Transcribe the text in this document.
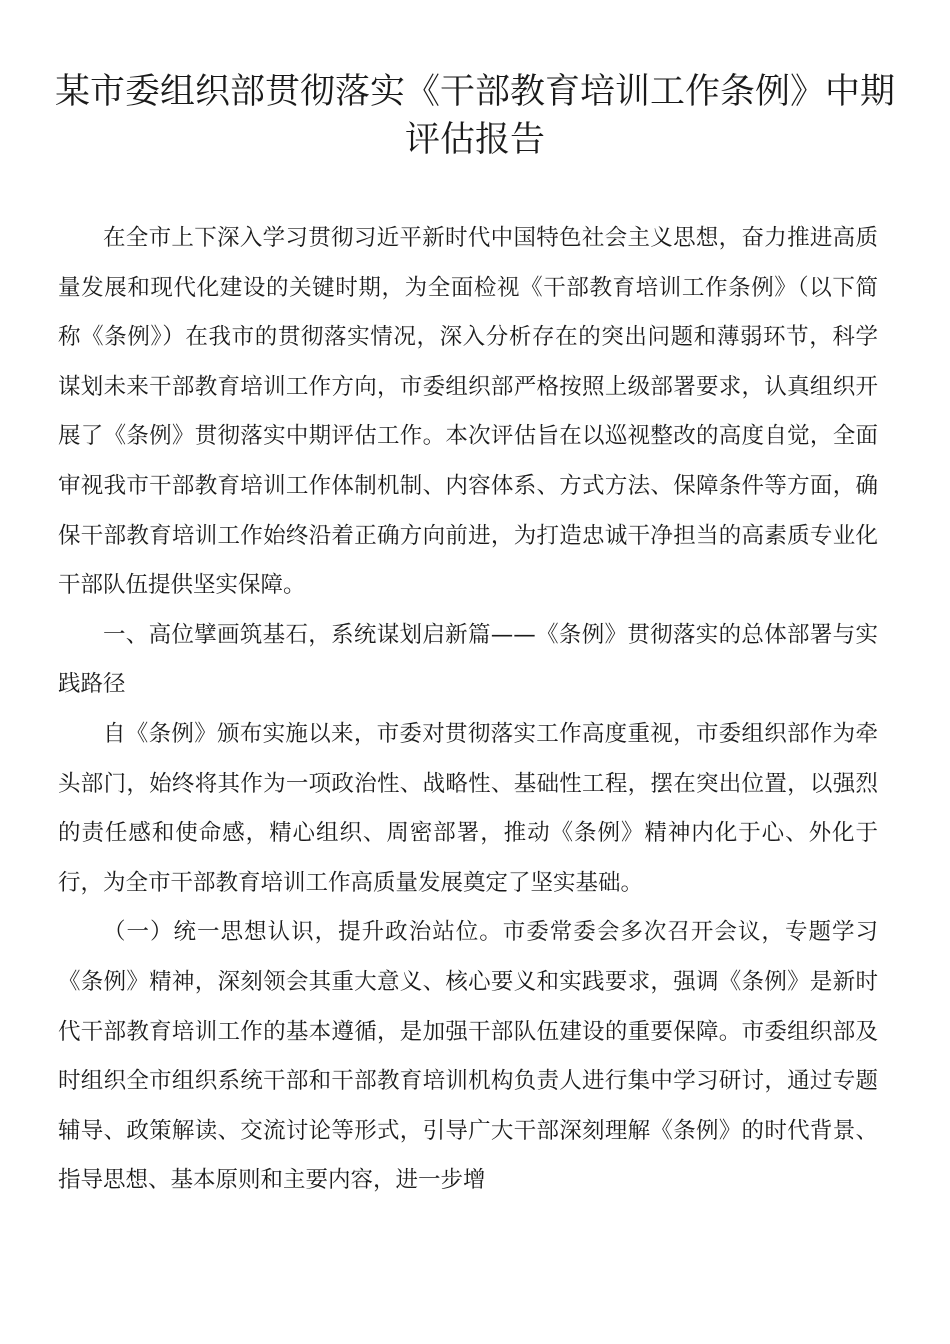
某市委组织部贯彻落实《干部教育培训工作条例》中期评估报告

在全市上下深入学习贯彻习近平新时代中国特色社会主义思想，奋力推进高质量发展和现代化建设的关键时期，为全面检视《干部教育培训工作条例》（以下简称《条例》）在我市的贯彻落实情况，深入分析存在的突出问题和薄弱环节，科学谋划未来干部教育培训工作方向，市委组织部严格按照上级部署要求，认真组织开展了《条例》贯彻落实中期评估工作。本次评估旨在以巡视整改的高度自觉，全面审视我市干部教育培训工作体制机制、内容体系、方式方法、保障条件等方面，确保干部教育培训工作始终沿着正确方向前进，为打造忠诚干净担当的高素质专业化干部队伍提供坚实保障。

一、高位擘画筑基石，系统谋划启新篇——《条例》贯彻落实的总体部署与实践路径

自《条例》颁布实施以来，市委对贯彻落实工作高度重视，市委组织部作为牵头部门，始终将其作为一项政治性、战略性、基础性工程，摆在突出位置，以强烈的责任感和使命感，精心组织、周密部署，推动《条例》精神内化于心、外化于行，为全市干部教育培训工作高质量发展奠定了坚实基础。

（一）统一思想认识，提升政治站位。市委常委会多次召开会议，专题学习《条例》精神，深刻领会其重大意义、核心要义和实践要求，强调《条例》是新时代干部教育培训工作的基本遵循，是加强干部队伍建设的重要保障。市委组织部及时组织全市组织系统干部和干部教育培训机构负责人进行集中学习研讨，通过专题辅导、政策解读、交流讨论等形式，引导广大干部深刻理解《条例》的时代背景、指导思想、基本原则和主要内容，进一步增
